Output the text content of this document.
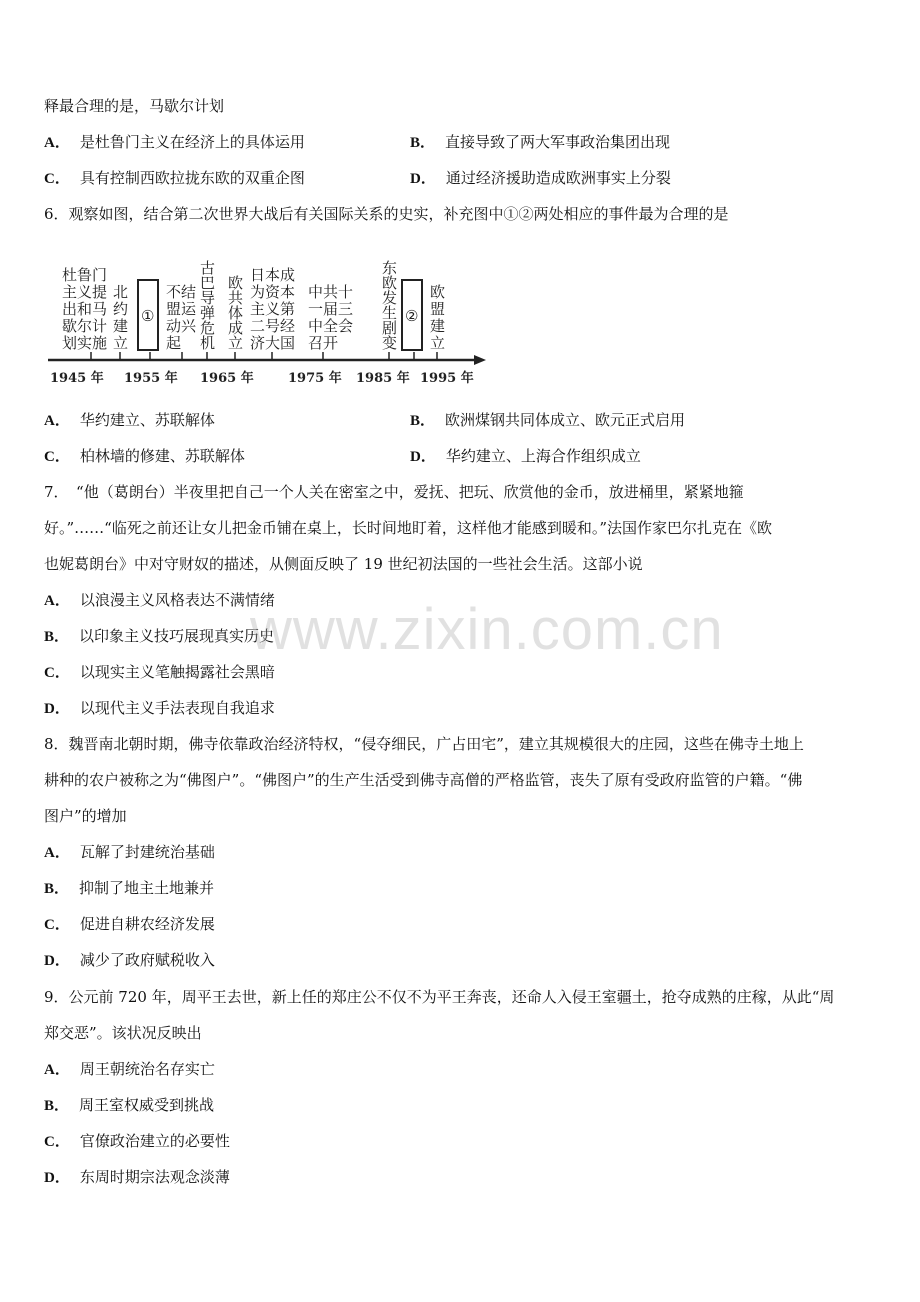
释最合理的是，马歇尔计划
A． 是杜鲁门主义在经济上的具体运用	B． 直接导致了两大军事政治集团出现
C． 具有控制西欧拉拢东欧的双重企图	D． 通过经济援助造成欧洲事实上分裂
6．观察如图，结合第二次世界大战后有关国际关系的史实，补充图中①②两处相应的事件最为合理的是
1945 年 1955 年 1965 年	1975 年 1985 年 1995 年
杜鲁门
主义提
出和马
歇尔计
划实施
北
约
建
立
①
不结
盟运
动兴
起
古
巴
导
弹
危
机
欧
共
体
成
立
日本成
为资本
主义第
二号经
济大国
中共十
一届三
中全会
召开
东
欧
发
生
剧
变
②
欧
盟
建
立
A． 华约建立、苏联解体	B． 欧洲煤钢共同体成立、欧元正式启用
C． 柏林墙的修建、苏联解体	D． 华约建立、上海合作组织成立
7．　“他（葛朗台）半夜里把自己一个人关在密室之中，爱抚、把玩、欣赏他的金币，放进桶里，紧紧地箍
好。”……“临死之前还让女儿把金币铺在桌上，长时间地盯着，这样他才能感到暖和。”法国作家巴尔扎克在《欧
也妮葛朗台》中对守财奴的描述，从侧面反映了 19 世纪初法国的一些社会生活。这部小说
A． 以浪漫主义风格表达不满情绪
B． 以印象主义技巧展现真实历史
C． 以现实主义笔触揭露社会黑暗
D． 以现代主义手法表现自我追求
8．魏晋南北朝时期，佛寺依靠政治经济特权，“侵夺细民，广占田宅”，建立其规模很大的庄园，这些在佛寺土地上
耕种的农户被称之为“佛图户”。“佛图户”的生产生活受到佛寺高僧的严格监管，丧失了原有受政府监管的户籍。“佛
图户”的增加
A． 瓦解了封建统治基础
B． 抑制了地主土地兼并
C． 促进自耕农经济发展
D． 减少了政府赋税收入
9．公元前 720 年，周平王去世，新上任的郑庄公不仅不为平王奔丧，还命人入侵王室疆土，抢夺成熟的庄稼，从此“周
郑交恶”。该状况反映出
A． 周王朝统治名存实亡
B． 周王室权威受到挑战
C． 官僚政治建立的必要性
D． 东周时期宗法观念淡薄
www.zixin.com.cn
